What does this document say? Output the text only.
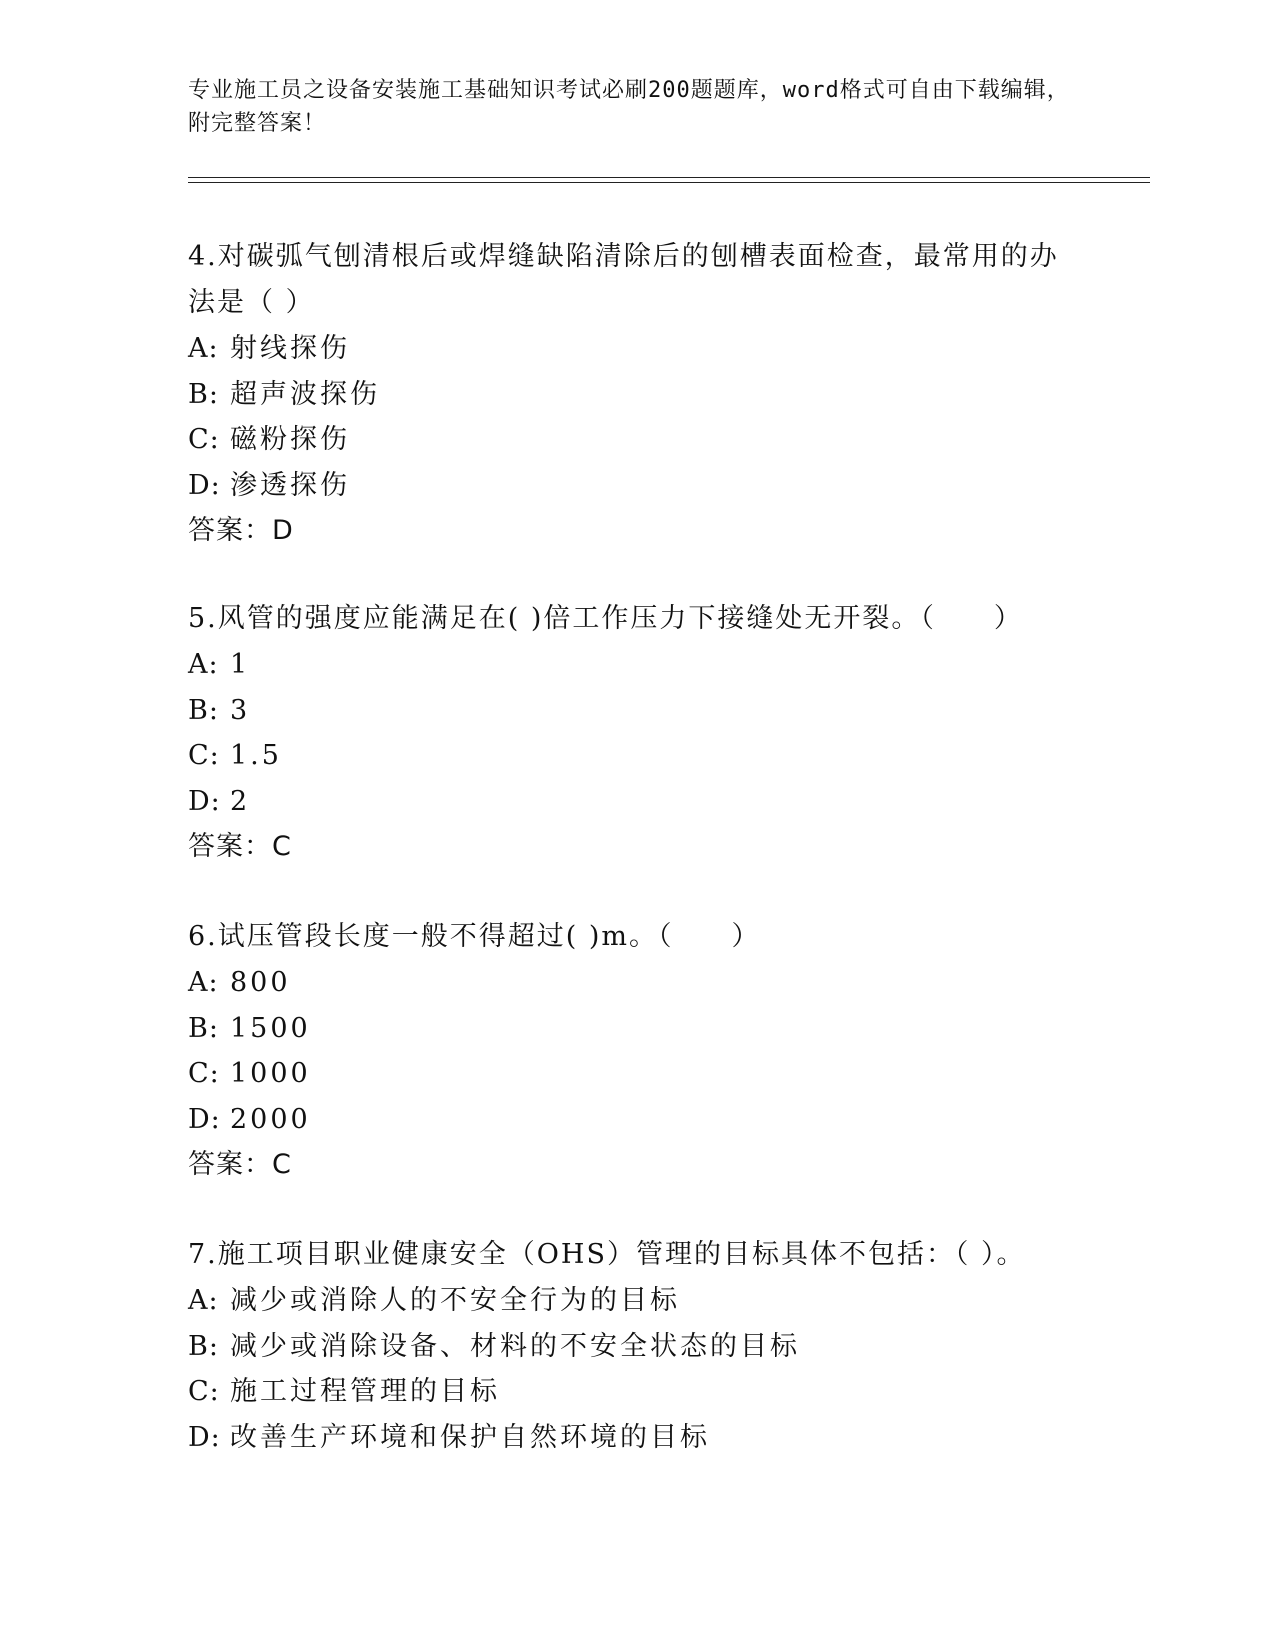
专业施工员之设备安装施工基础知识考试必刷200题题库，word格式可自由下载编辑，附完整答案！

4.对碳弧气刨清根后或焊缝缺陷清除后的刨槽表面检查，最常用的办法是（ ）

A: 射线探伤
B: 超声波探伤
C: 磁粉探伤
D: 渗透探伤
答案：D

5.风管的强度应能满足在( )倍工作压力下接缝处无开裂。（　　）

A: 1
B: 3
C: 1.5
D: 2
答案：C

6.试压管段长度一般不得超过( )m。（　　）

A: 800
B: 1500
C: 1000
D: 2000
答案：C

7.施工项目职业健康安全（OHS）管理的目标具体不包括：（ ）。

A: 减少或消除人的不安全行为的目标
B: 减少或消除设备、材料的不安全状态的目标
C: 施工过程管理的目标
D: 改善生产环境和保护自然环境的目标
